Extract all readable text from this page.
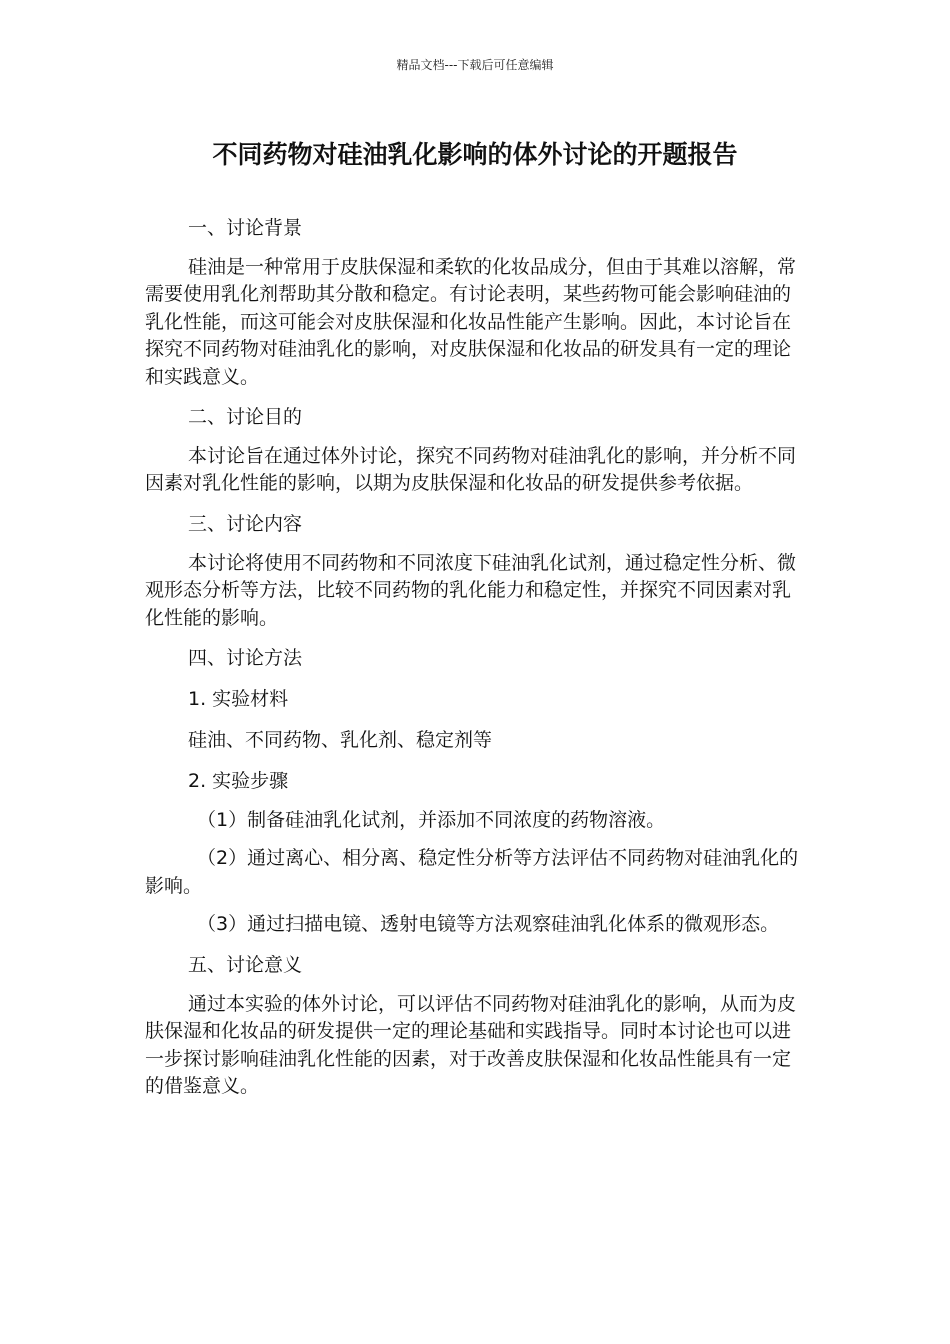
精品文档---下载后可任意编辑
不同药物对硅油乳化影响的体外讨论的开题报告

一、讨论背景

硅油是一种常用于皮肤保湿和柔软的化妆品成分，但由于其难以溶解，常需要使用乳化剂帮助其分散和稳定。有讨论表明，某些药物可能会影响硅油的乳化性能，而这可能会对皮肤保湿和化妆品性能产生影响。因此，本讨论旨在探究不同药物对硅油乳化的影响，对皮肤保湿和化妆品的研发具有一定的理论和实践意义。

二、讨论目的

本讨论旨在通过体外讨论，探究不同药物对硅油乳化的影响，并分析不同因素对乳化性能的影响，以期为皮肤保湿和化妆品的研发提供参考依据。

三、讨论内容

本讨论将使用不同药物和不同浓度下硅油乳化试剂，通过稳定性分析、微观形态分析等方法，比较不同药物的乳化能力和稳定性，并探究不同因素对乳化性能的影响。

四、讨论方法

1. 实验材料

硅油、不同药物、乳化剂、稳定剂等

2. 实验步骤

（1）制备硅油乳化试剂，并添加不同浓度的药物溶液。

（2）通过离心、相分离、稳定性分析等方法评估不同药物对硅油乳化的影响。

（3）通过扫描电镜、透射电镜等方法观察硅油乳化体系的微观形态。

五、讨论意义

通过本实验的体外讨论，可以评估不同药物对硅油乳化的影响，从而为皮肤保湿和化妆品的研发提供一定的理论基础和实践指导。同时本讨论也可以进一步探讨影响硅油乳化性能的因素，对于改善皮肤保湿和化妆品性能具有一定的借鉴意义。
